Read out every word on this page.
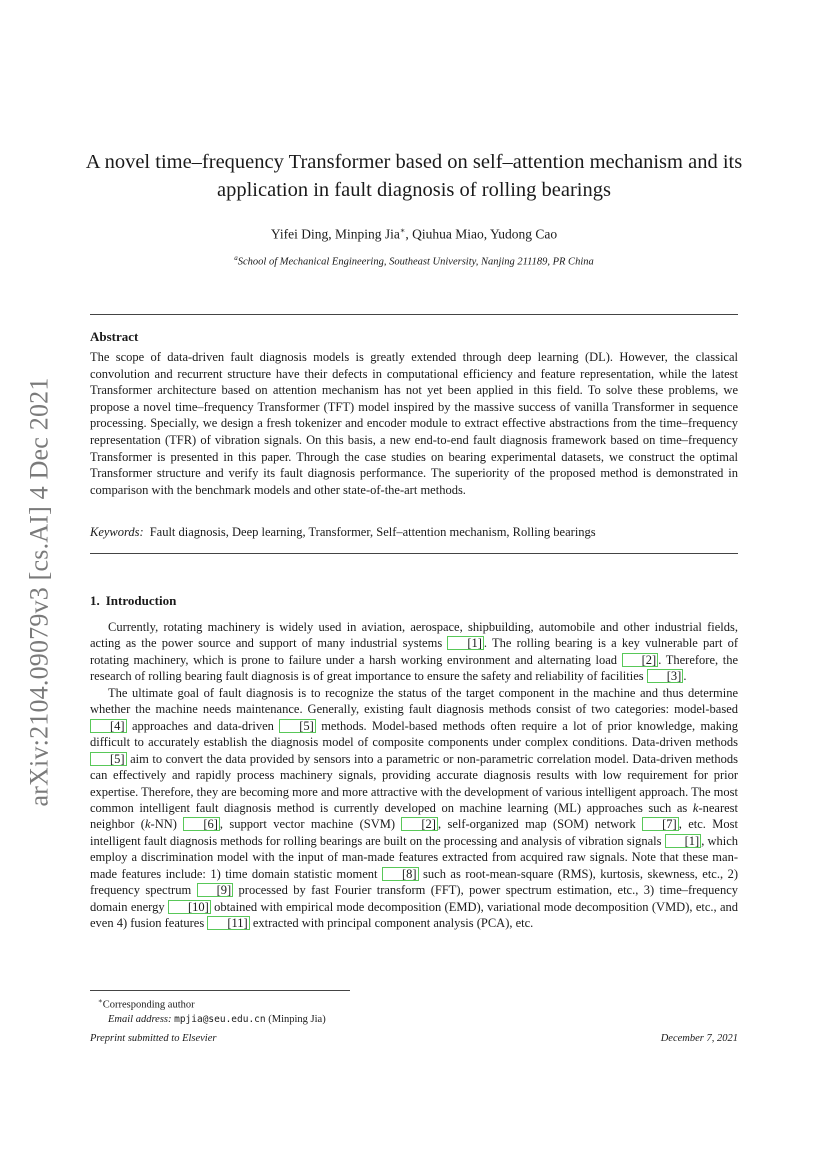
arXiv:2104.09079v3 [cs.AI] 4 Dec 2021
A novel time–frequency Transformer based on self–attention mechanism and its
application in fault diagnosis of rolling bearings
Yifei Ding, Minping Jia∗, Qiuhua Miao, Yudong Cao
$^a$School of Mechanical Engineering, Southeast University, Nanjing 211189, PR China
Abstract

The scope of data-driven fault diagnosis models is greatly extended through deep learning (DL). However, the classical convolution and recurrent structure have their defects in computational efficiency and feature representation, while the latest Transformer architecture based on attention mechanism has not yet been applied in this field. To solve these problems, we propose a novel time–frequency Transformer (TFT) model inspired by the massive success of vanilla Transformer in sequence processing. Specially, we design a fresh tokenizer and encoder module to extract effective abstractions from the time–frequency representation (TFR) of vibration signals. On this basis, a new end-to-end fault diagnosis framework based on time–frequency Transformer is presented in this paper. Through the case studies on bearing experimental datasets, we construct the optimal Transformer structure and verify its fault diagnosis performance. The superiority of the proposed method is demonstrated in comparison with the benchmark models and other state-of-the-art methods.

Keywords: Fault diagnosis, Deep learning, Transformer, Self–attention mechanism, Rolling bearings
1. Introduction

Currently, rotating machinery is widely used in aviation, aerospace, shipbuilding, automobile and other industrial fields, acting as the power source and support of many industrial systems [1] . The rolling bearing is a key vulnerable part of rotating machinery, which is prone to failure under a harsh working environment and alternating load [2] . Therefore, the research of rolling bearing fault diagnosis is of great importance to ensure the safety and reliability of facilities [3] .

The ultimate goal of fault diagnosis is to recognize the status of the target component in the machine and thus determine whether the machine needs maintenance. Generally, existing fault diagnosis methods consist of two categories: model-based [4] approaches and data-driven [5] methods. Model-based methods often require a lot of prior knowledge, making difficult to accurately establish the diagnosis model of composite components under complex conditions. Data-driven methods [5] aim to convert the data provided by sensors into a parametric or non-parametric correlation model. Data-driven methods can effectively and rapidly process machinery signals, providing accurate diagnosis results with low requirement for prior expertise. Therefore, they are becoming more and more attractive with the development of various intelligent approach. The most common intelligent fault diagnosis method is currently developed on machine learning (ML) approaches such as k-nearest neighbor (k-NN) [6] , support vector machine (SVM) [2] , self-organized map (SOM) network [7] , etc. Most intelligent fault diagnosis methods for rolling bearings are built on the processing and analysis of vibration signals [1] , which employ a discrimination model with the input of man-made features extracted from acquired raw signals. Note that these man-made features include: 1) time domain statistic moment [8] such as root-mean-square (RMS), kurtosis, skewness, etc., 2) frequency spectrum [9] processed by fast Fourier transform (FFT), power spectrum estimation, etc., 3) time–frequency domain energy [10] obtained with empirical mode decomposition (EMD), variational mode decomposition (VMD), etc., and even 4) fusion features [11] extracted with principal component analysis (PCA), etc.

∗Corresponding author
Email address: mpjia@seu.edu.cn (Minping Jia)
Preprint submitted to Elsevier	December 7, 2021
